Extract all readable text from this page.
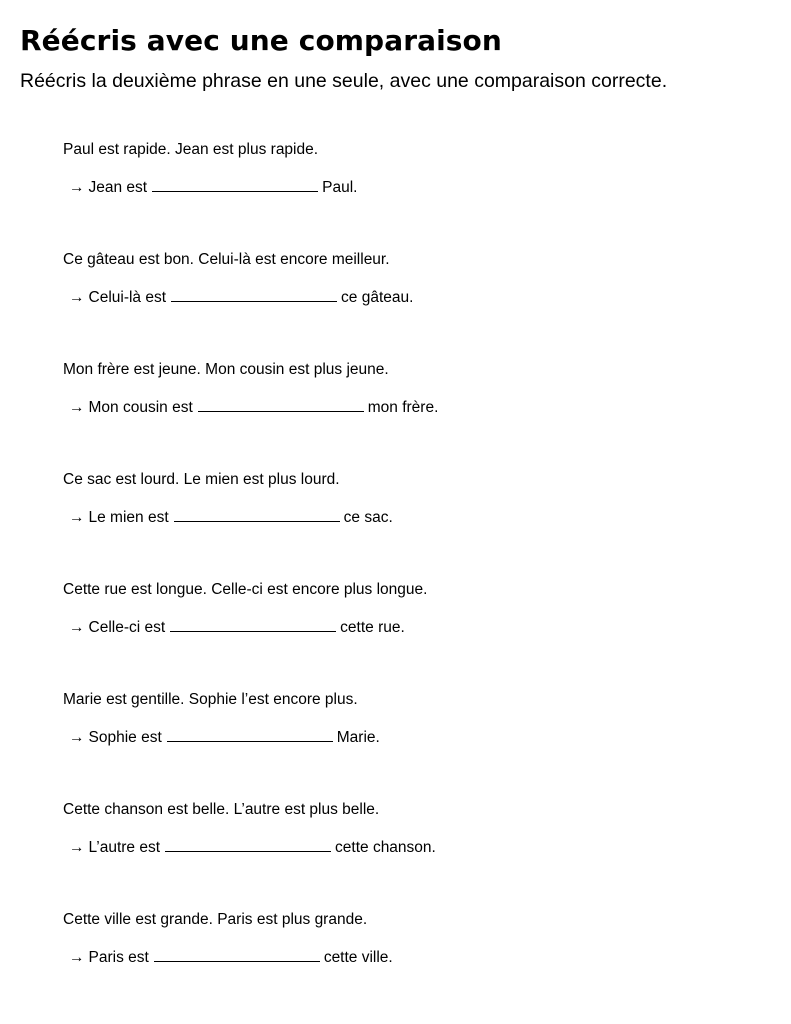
Réécris avec une comparaison

Réécris la deuxième phrase en une seule, avec une comparaison correcte.

Paul est rapide. Jean est plus rapide.

→ Jean est	Paul.

Ce gâteau est bon. Celui-là est encore meilleur.

→ Celui-là est	ce gâteau.

Mon frère est jeune. Mon cousin est plus jeune.

→ Mon cousin est	mon frère.

Ce sac est lourd. Le mien est plus lourd.

→ Le mien est	ce sac.

Cette rue est longue. Celle-ci est encore plus longue.

→ Celle-ci est	cette rue.

Marie est gentille. Sophie l’est encore plus.

→ Sophie est	Marie.

Cette chanson est belle. L’autre est plus belle.

→ L’autre est	cette chanson.

Cette ville est grande. Paris est plus grande.

→ Paris est	cette ville.
